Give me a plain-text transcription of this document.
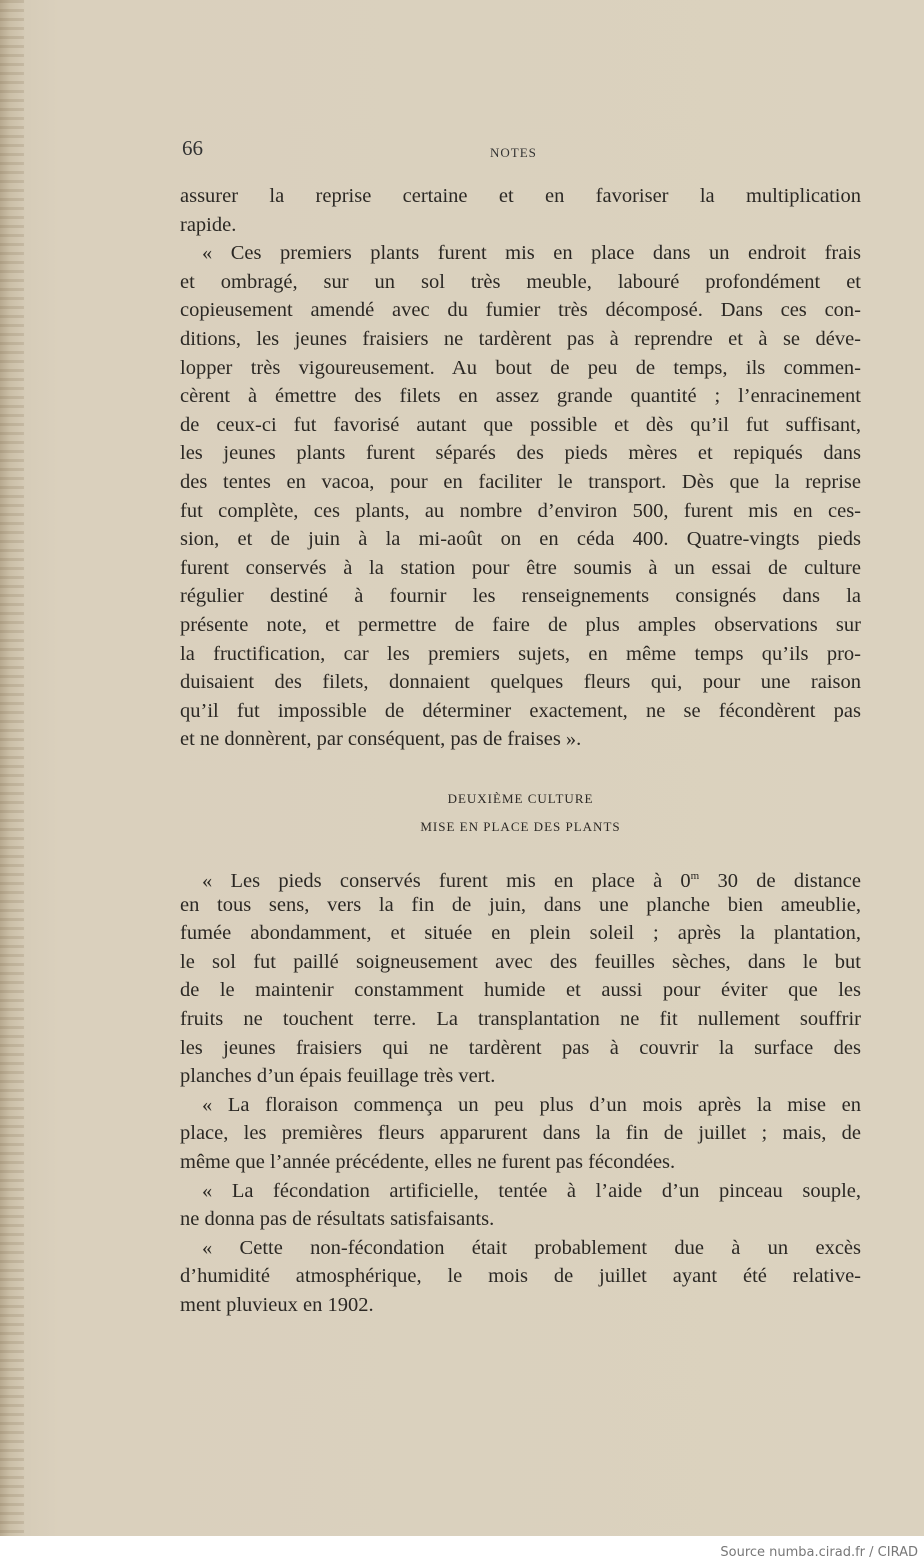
66	NOTES
assurer la reprise certaine et en favoriser la multiplication
rapide.
« Ces premiers plants furent mis en place dans un endroit frais
et ombragé, sur un sol très meuble, labouré profondément et
copieusement amendé avec du fumier très décomposé. Dans ces con-
ditions, les jeunes fraisiers ne tardèrent pas à reprendre et à se déve-
lopper très vigoureusement. Au bout de peu de temps, ils commen-
cèrent à émettre des filets en assez grande quantité ; l’enracinement
de ceux-ci fut favorisé autant que possible et dès qu’il fut suffisant,
les jeunes plants furent séparés des pieds mères et repiqués dans
des tentes en vacoa, pour en faciliter le transport. Dès que la reprise
fut complète, ces plants, au nombre d’environ 500, furent mis en ces-
sion, et de juin à la mi-août on en céda 400. Quatre-vingts pieds
furent conservés à la station pour être soumis à un essai de culture
régulier destiné à fournir les renseignements consignés dans la
présente note, et permettre de faire de plus amples observations sur
la fructification, car les premiers sujets, en même temps qu’ils pro-
duisaient des filets, donnaient quelques fleurs qui, pour une raison
qu’il fut impossible de déterminer exactement, ne se fécondèrent pas
et ne donnèrent, par conséquent, pas de fraises ».
DEUXIÈME CULTURE
MISE EN PLACE DES PLANTS
« Les pieds conservés furent mis en place à 0$^m$ 30 de distance
en tous sens, vers la fin de juin, dans une planche bien ameublie,
fumée abondamment, et située en plein soleil ; après la plantation,
le sol fut paillé soigneusement avec des feuilles sèches, dans le but
de le maintenir constamment humide et aussi pour éviter que les
fruits ne touchent terre. La transplantation ne fit nullement souffrir
les jeunes fraisiers qui ne tardèrent pas à couvrir la surface des
planches d’un épais feuillage très vert.
« La floraison commença un peu plus d’un mois après la mise en
place, les premières fleurs apparurent dans la fin de juillet ; mais, de
même que l’année précédente, elles ne furent pas fécondées.
« La fécondation artificielle, tentée à l’aide d’un pinceau souple,
ne donna pas de résultats satisfaisants.
« Cette non-fécondation était probablement due à un excès
d’humidité atmosphérique, le mois de juillet ayant été relative-
ment pluvieux en 1902.
Source numba.cirad.fr / CIRAD
